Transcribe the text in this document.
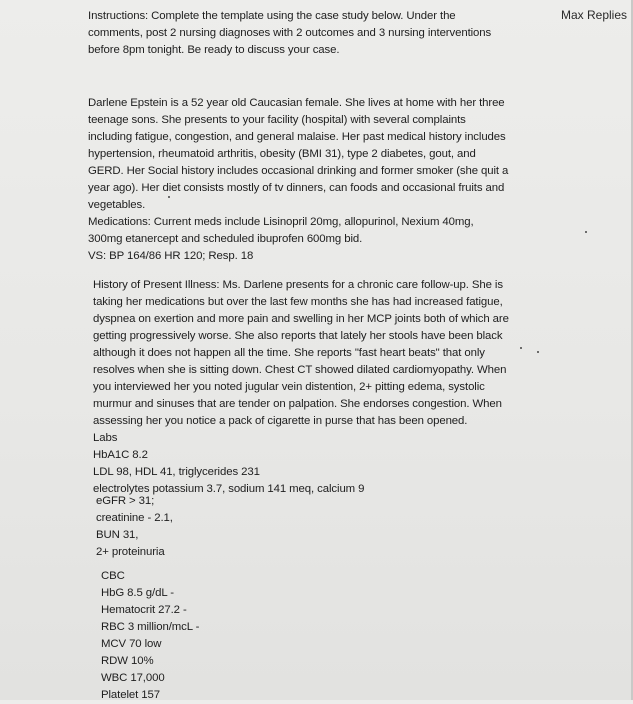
Max Replies
Instructions: Complete the template using the case study below. Under the
comments, post 2 nursing diagnoses with 2 outcomes and 3 nursing interventions
before 8pm tonight. Be ready to discuss your case.
Darlene Epstein is a 52 year old Caucasian female. She lives at home with her three
teenage sons. She presents to your facility (hospital) with several complaints
including fatigue, congestion, and general malaise. Her past medical history includes
hypertension, rheumatoid arthritis, obesity (BMI 31), type 2 diabetes, gout, and
GERD. Her Social history includes occasional drinking and former smoker (she quit a
year ago). Her diet consists mostly of tv dinners, can foods and occasional fruits and
vegetables.
Medications: Current meds include Lisinopril 20mg, allopurinol, Nexium 40mg,
300mg etanercept and scheduled ibuprofen 600mg bid.
VS: BP 164/86 HR 120; Resp. 18
History of Present Illness: Ms. Darlene presents for a chronic care follow-up. She is
taking her medications but over the last few months she has had increased fatigue,
dyspnea on exertion and more pain and swelling in her MCP joints both of which are
getting progressively worse. She also reports that lately her stools have been black
although it does not happen all the time. She reports "fast heart beats" that only
resolves when she is sitting down. Chest CT showed dilated cardiomyopathy. When
you interviewed her you noted jugular vein distention, 2+ pitting edema, systolic
murmur and sinuses that are tender on palpation. She endorses congestion. When
assessing her you notice a pack of cigarette in purse that has been opened.
Labs
HbA1C 8.2
LDL 98, HDL 41, triglycerides 231
electrolytes potassium 3.7, sodium 141 meq, calcium 9
eGFR > 31;
creatinine - 2.1,
BUN 31,
2+ proteinuria
CBC
HbG 8.5 g/dL -
Hematocrit 27.2 -
RBC 3 million/mcL -
MCV 70 low
RDW 10%
WBC 17,000
Platelet 157
